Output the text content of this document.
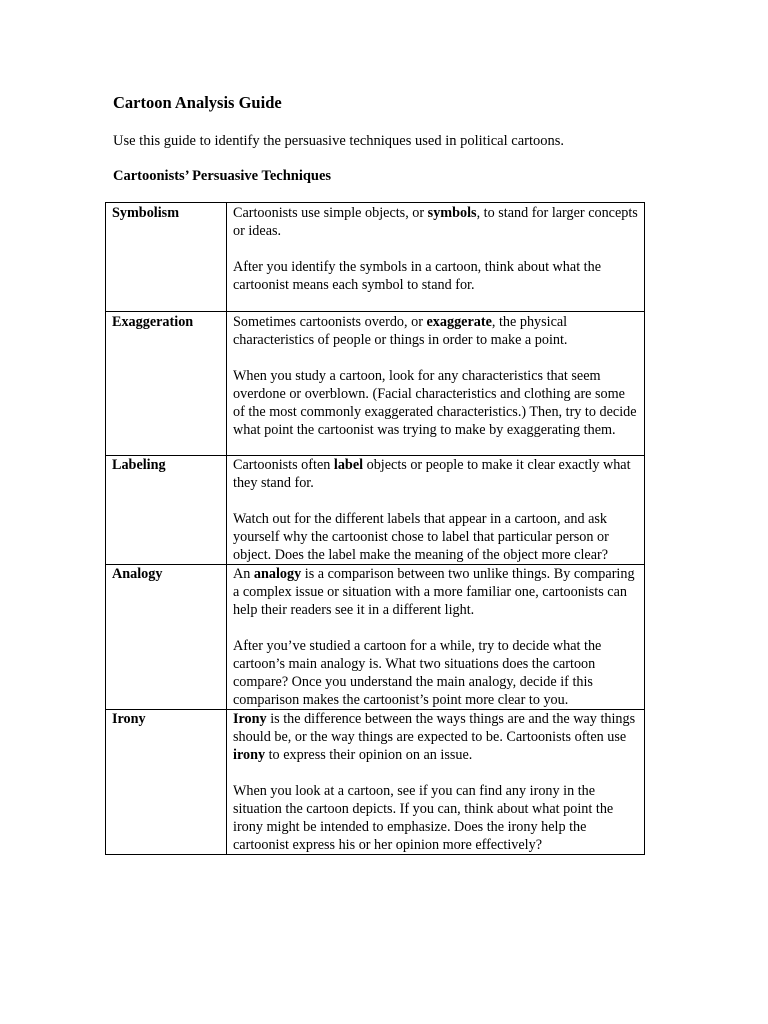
Cartoon Analysis Guide
Use this guide to identify the persuasive techniques used in political cartoons.
Cartoonists’ Persuasive Techniques
Symbolism	Cartoonists use simple objects, or symbols, to stand for larger concepts or ideas.

After you identify the symbols in a cartoon, think about what the cartoonist means each symbol to stand for.

Exaggeration	Sometimes cartoonists overdo, or exaggerate, the physical characteristics of people or things in order to make a point.

When you study a cartoon, look for any characteristics that seem overdone or overblown. (Facial characteristics and clothing are some of the most commonly exaggerated characteristics.) Then, try to decide what point the cartoonist was trying to make by exaggerating them.

Labeling	Cartoonists often label objects or people to make it clear exactly what they stand for.

Watch out for the different labels that appear in a cartoon, and ask yourself why the cartoonist chose to label that particular person or object. Does the label make the meaning of the object more clear?

Analogy	An analogy is a comparison between two unlike things. By comparing a complex issue or situation with a more familiar one, cartoonists can help their readers see it in a different light.

After you’ve studied a cartoon for a while, try to decide what the cartoon’s main analogy is. What two situations does the cartoon compare? Once you understand the main analogy, decide if this comparison makes the cartoonist’s point more clear to you.

Irony	Irony is the difference between the ways things are and the way things should be, or the way things are expected to be. Cartoonists often use irony to express their opinion on an issue.

When you look at a cartoon, see if you can find any irony in the situation the cartoon depicts. If you can, think about what point the irony might be intended to emphasize. Does the irony help the cartoonist express his or her opinion more effectively?
